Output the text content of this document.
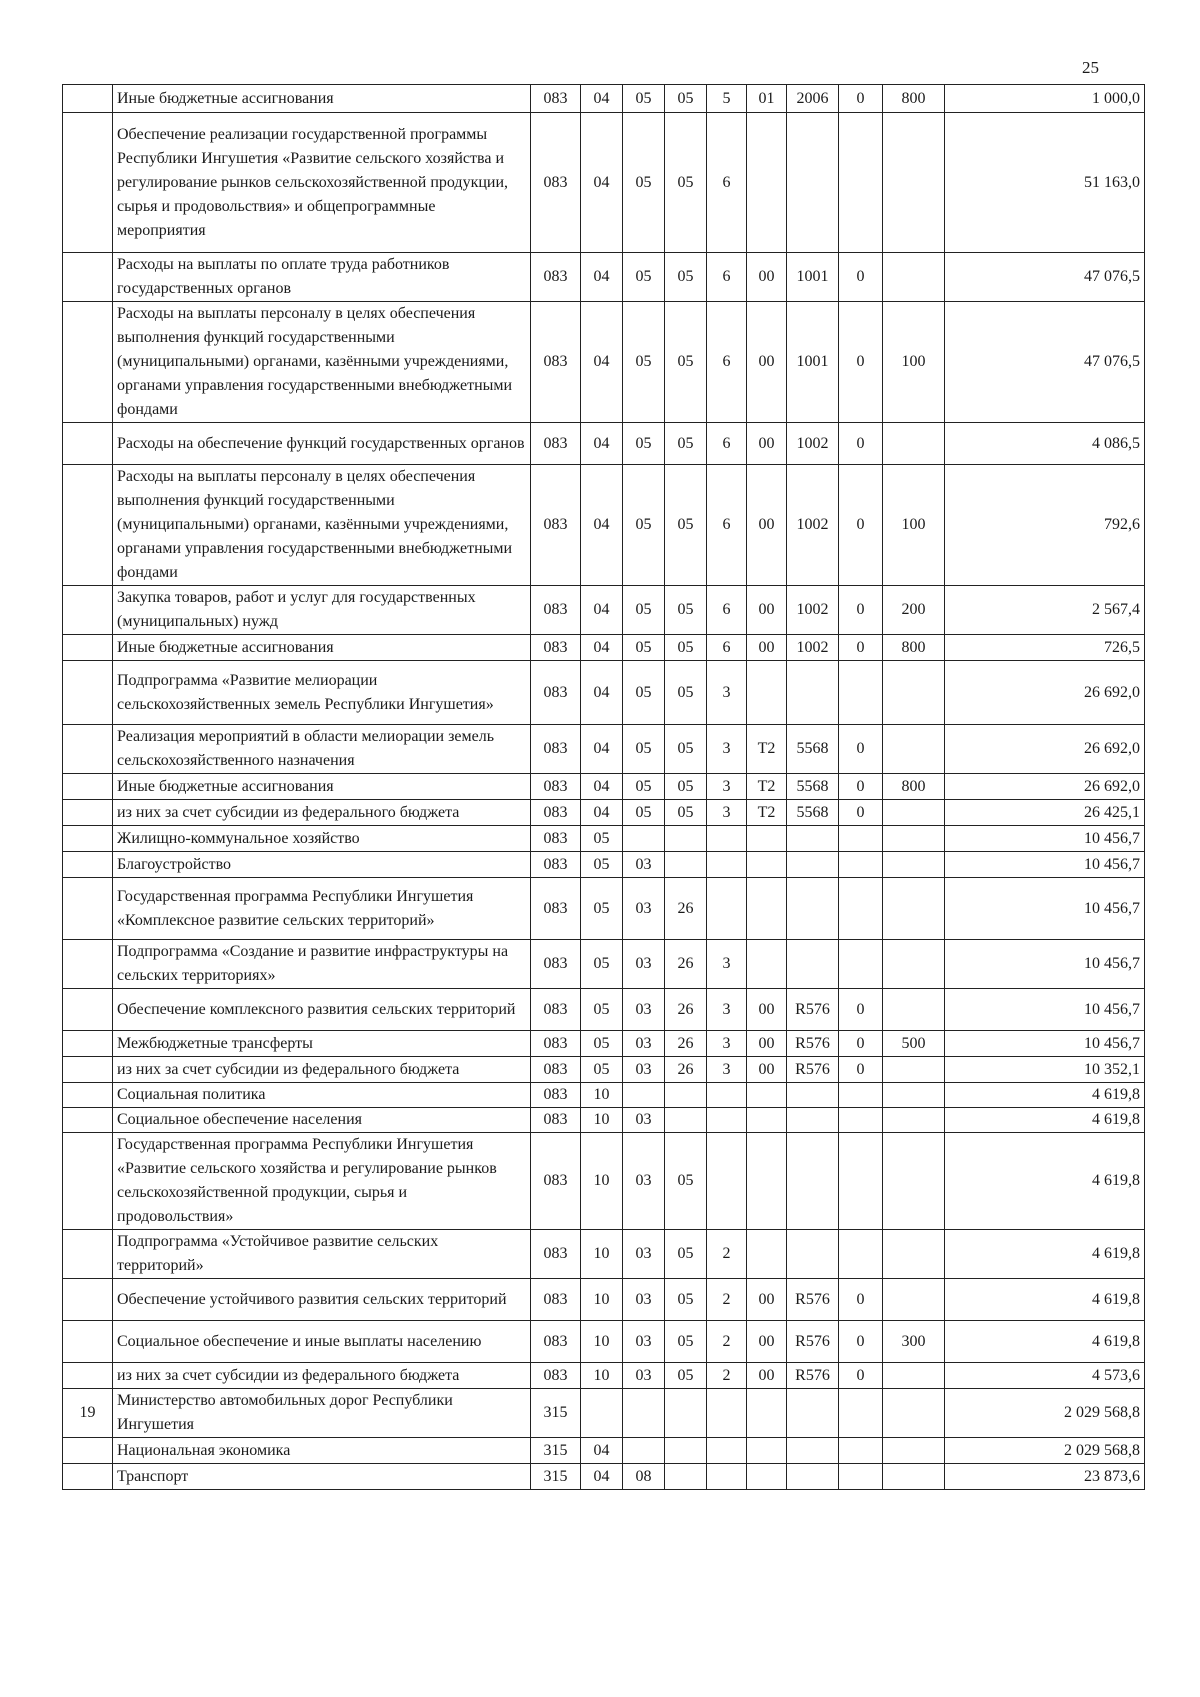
25
	Иные бюджетные ассигнования	083	04	05	05	5	01	2006	0	800	1 000,0
	Обеспечение реализации государственной программы Республики Ингушетия «Развитие сельского хозяйства и регулирование рынков сельскохозяйственной продукции, сырья и продовольствия» и общепрограммные мероприятия	083	04	05	05	6					51 163,0
	Расходы на выплаты по оплате труда работников государственных органов	083	04	05	05	6	00	1001	0		47 076,5
	Расходы на выплаты персоналу в целях обеспечения выполнения функций государственными (муниципальными) органами, казёнными учреждениями, органами управления государственными внебюджетными фондами	083	04	05	05	6	00	1001	0	100	47 076,5
	Расходы на обеспечение функций государственных органов	083	04	05	05	6	00	1002	0		4 086,5
	Расходы на выплаты персоналу в целях обеспечения выполнения функций государственными (муниципальными) органами, казёнными учреждениями, органами управления государственными внебюджетными фондами	083	04	05	05	6	00	1002	0	100	792,6
	Закупка товаров, работ и услуг для государственных (муниципальных) нужд	083	04	05	05	6	00	1002	0	200	2 567,4
	Иные бюджетные ассигнования	083	04	05	05	6	00	1002	0	800	726,5
	Подпрограмма «Развитие мелиорации сельскохозяйственных земель Республики Ингушетия»	083	04	05	05	3					26 692,0
	Реализация мероприятий в области мелиорации земель сельскохозяйственного назначения	083	04	05	05	3	Т2	5568	0		26 692,0
	Иные бюджетные ассигнования	083	04	05	05	3	Т2	5568	0	800	26 692,0
	из них за счет субсидии из федерального бюджета	083	04	05	05	3	Т2	5568	0		26 425,1
	Жилищно-коммунальное хозяйство	083	05								10 456,7
	Благоустройство	083	05	03							10 456,7
	Государственная программа Республики Ингушетия «Комплексное развитие сельских территорий»	083	05	03	26						10 456,7
	Подпрограмма «Создание и развитие инфраструктуры на сельских территориях»	083	05	03	26	3					10 456,7
	Обеспечение комплексного развития сельских территорий	083	05	03	26	3	00	R576	0		10 456,7
	Межбюджетные трансферты	083	05	03	26	3	00	R576	0	500	10 456,7
	из них за счет субсидии из федерального бюджета	083	05	03	26	3	00	R576	0		10 352,1
	Социальная политика	083	10								4 619,8
	Социальное обеспечение населения	083	10	03							4 619,8
	Государственная программа Республики Ингушетия «Развитие сельского хозяйства и регулирование рынков сельскохозяйственной продукции, сырья и продовольствия»	083	10	03	05						4 619,8
	Подпрограмма «Устойчивое развитие сельских территорий»	083	10	03	05	2					4 619,8
	Обеспечение устойчивого развития сельских территорий	083	10	03	05	2	00	R576	0		4 619,8
	Социальное обеспечение и иные выплаты населению	083	10	03	05	2	00	R576	0	300	4 619,8
	из них за счет субсидии из федерального бюджета	083	10	03	05	2	00	R576	0		4 573,6
19	Министерство автомобильных дорог Республики Ингушетия	315									2 029 568,8
	Национальная экономика	315	04								2 029 568,8
	Транспорт	315	04	08							23 873,6
